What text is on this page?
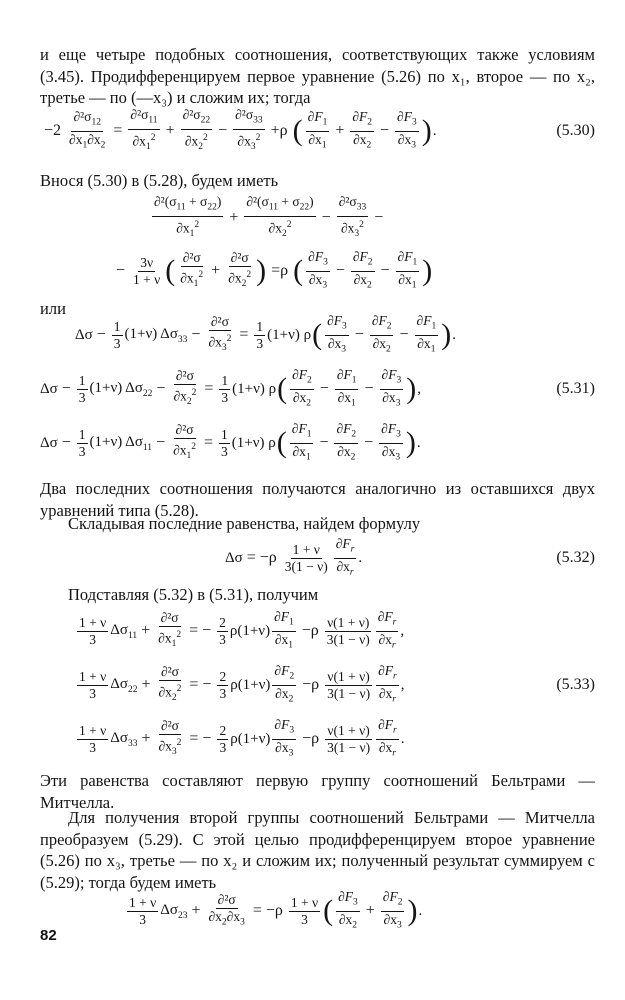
и еще четыре подобных соотношения, соответствующих также условиям (3.45). Продифференцируем первое уравнение (5.26) по x₁, второе — по x₂, третье — по (—x₃) и сложим их; тогда

$-2 \frac{\partial^2\sigma_{12}}{\partial x_1\partial x_2} = \frac{\partial^2\sigma_{11}}{\partial x_1^2} + \frac{\partial^2\sigma_{22}}{\partial x_2^2} - \frac{\partial^2\sigma_{33}}{\partial x_3^2} +\rho$ ( $\frac{\partial F_1}{\partial x_1} + \frac{\partial F_2}{\partial x_2} - \frac{\partial F_3}{\partial x_3}$ ) .	(5.30)

Внося (5.30) в (5.28), будем иметь

$\frac{\partial^2(\sigma_{11} + \sigma_{22})}{\partial x_1^2} + \frac{\partial^2(\sigma_{11} + \sigma_{22})}{\partial x_2^2} - \frac{\partial^2\sigma_{33}}{\partial x_3^2}$ −
− $\frac{3\nu}{1 + \nu}$ ( $\frac{\text{∂²σ}}{\partial x_1^2} + \frac{\text{∂²σ}}{\partial x_2^2}$ ) =ρ ( $\frac{\partial F_3}{\partial x_3} - \frac{\partial F_2}{\partial x_2} - \frac{\partial F_1}{\partial x_1}$ )

или

$\Delta\sigma - \frac{1}{3} (1+\nu) \Delta\sigma_{33} - \frac{\text{∂²σ}}{\partial x_3^2} = \frac{1}{3} (1+\nu)$ ρ ( $\frac{\partial F_3}{\partial x_3} - \frac{\partial F_2}{\partial x_2} - \frac{\partial F_1}{\partial x_1}$ ) .
$\Delta\sigma - \frac{1}{3} (1+\nu) \Delta\sigma_{22} - \frac{\text{∂²σ}}{\partial x_2^2} = \frac{1}{3} (1+\nu)$ ρ ( $\frac{\partial F_2}{\partial x_2} - \frac{\partial F_1}{\partial x_1} - \frac{\partial F_3}{\partial x_3}$ ) ,	(5.31)
$\Delta\sigma - \frac{1}{3} (1+\nu) \Delta\sigma_{11} - \frac{\text{∂²σ}}{\partial x_1^2} = \frac{1}{3} (1+\nu)$ ρ ( $\frac{\partial F_1}{\partial x_1} - \frac{\partial F_2}{\partial x_2} - \frac{\partial F_3}{\partial x_3}$ ) .

Два последних соотношения получаются аналогично из оставшихся двух уравнений типа (5.28).

Складывая последние равенства, найдем формулу

$\Delta\sigma = -\rho \frac{1 + \nu}{3(1 - \nu)} \frac{\partial F_r}{\partial x_r}$ .	(5.32)

Подставляя (5.32) в (5.31), получим

$\frac{1 + \nu}{3} \Delta\sigma_{11} + \frac{\text{∂²σ}}{\partial x_1^2}$ = − $\frac{2}{3} \rho(1+\nu) \frac{\partial F_1}{\partial x_1} -\rho \frac{\nu(1 + \nu)}{3(1 - \nu)} \frac{\partial F_r}{\partial x_r}$ ,
$\frac{1 + \nu}{3} \Delta\sigma_{22} + \frac{\text{∂²σ}}{\partial x_2^2}$ = − $\frac{2}{3} \rho(1+\nu) \frac{\partial F_2}{\partial x_2} -\rho \frac{\nu(1 + \nu)}{3(1 - \nu)} \frac{\partial F_r}{\partial x_r}$ ,	(5.33)
$\frac{1 + \nu}{3} \Delta\sigma_{33} + \frac{\text{∂²σ}}{\partial x_3^2}$ = − $\frac{2}{3} \rho(1+\nu) \frac{\partial F_3}{\partial x_3} -\rho \frac{\nu(1 + \nu)}{3(1 - \nu)} \frac{\partial F_r}{\partial x_r}$ .

Эти равенства составляют первую группу соотношений Бельтрами — Митчелла.

Для получения второй группы соотношений Бельтрами — Митчелла преобразуем (5.29). С этой целью продифференцируем второе уравнение (5.26) по x₃, третье — по x₂ и сложим их; полученный результат суммируем с (5.29); тогда будем иметь

$\frac{1 + \nu}{3} \Delta\sigma_{23} + \frac{\text{∂²σ}}{\partial x_2\partial x_3} = -\rho \frac{1 + \nu}{3}$ ( $\frac{\partial F_3}{\partial x_2} + \frac{\partial F_2}{\partial x_3}$ ) .
82
